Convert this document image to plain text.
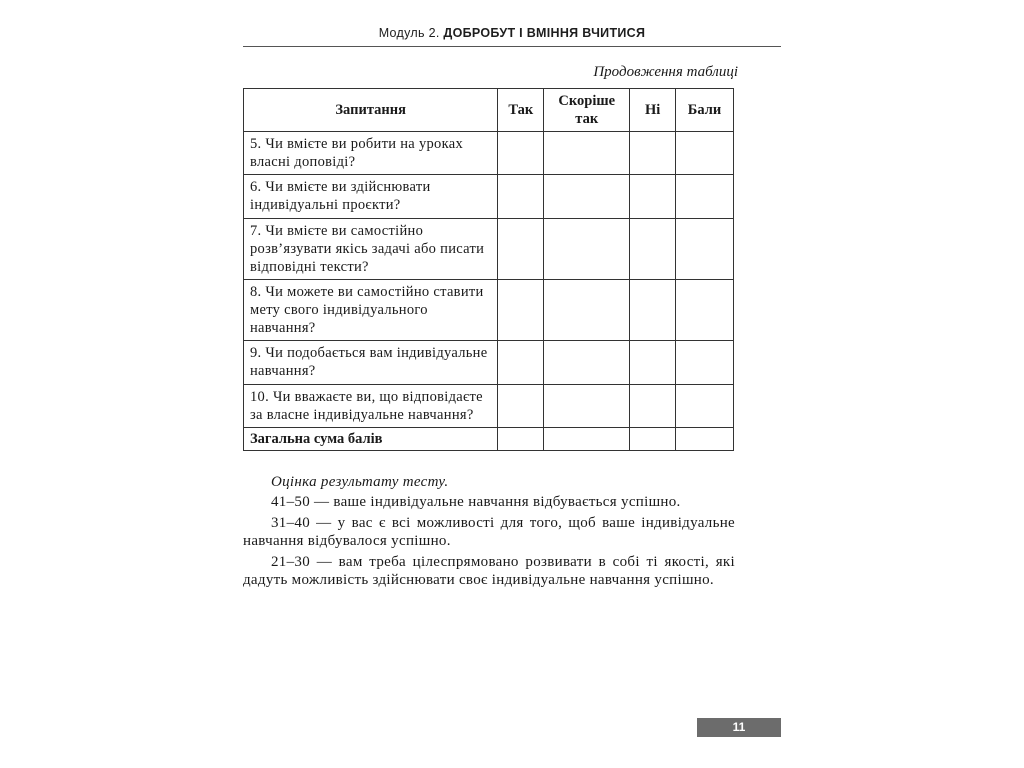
Модуль 2. ДОБРОБУТ І ВМІННЯ ВЧИТИСЯ
Продовження таблиці
Запитання	Так	Скоріше так	Ні	Бали
5. Чи вмієте ви робити на уроках власні доповіді?				
6. Чи вмієте ви здійснювати індивідуальні проєкти?				
7. Чи вмієте ви самостійно розв’язувати якісь задачі або писати відповідні тексти?				
8. Чи можете ви самостійно ставити мету свого індивідуального навчання?				
9. Чи подобається вам індивідуальне навчання?				
10. Чи вважаєте ви, що відповідаєте за власне індивідуальне навчання?				
Загальна сума балів				

Оцінка результату тесту.

41–50 — ваше індивідуальне навчання відбувається успішно.

31–40 — у вас є всі можливості для того, щоб ваше індивідуальне навчання відбувалося успішно.

21–30 — вам треба цілеспрямовано розвивати в собі ті якості, які дадуть можливість здійснювати своє індивідуальне навчання успішно.

11
